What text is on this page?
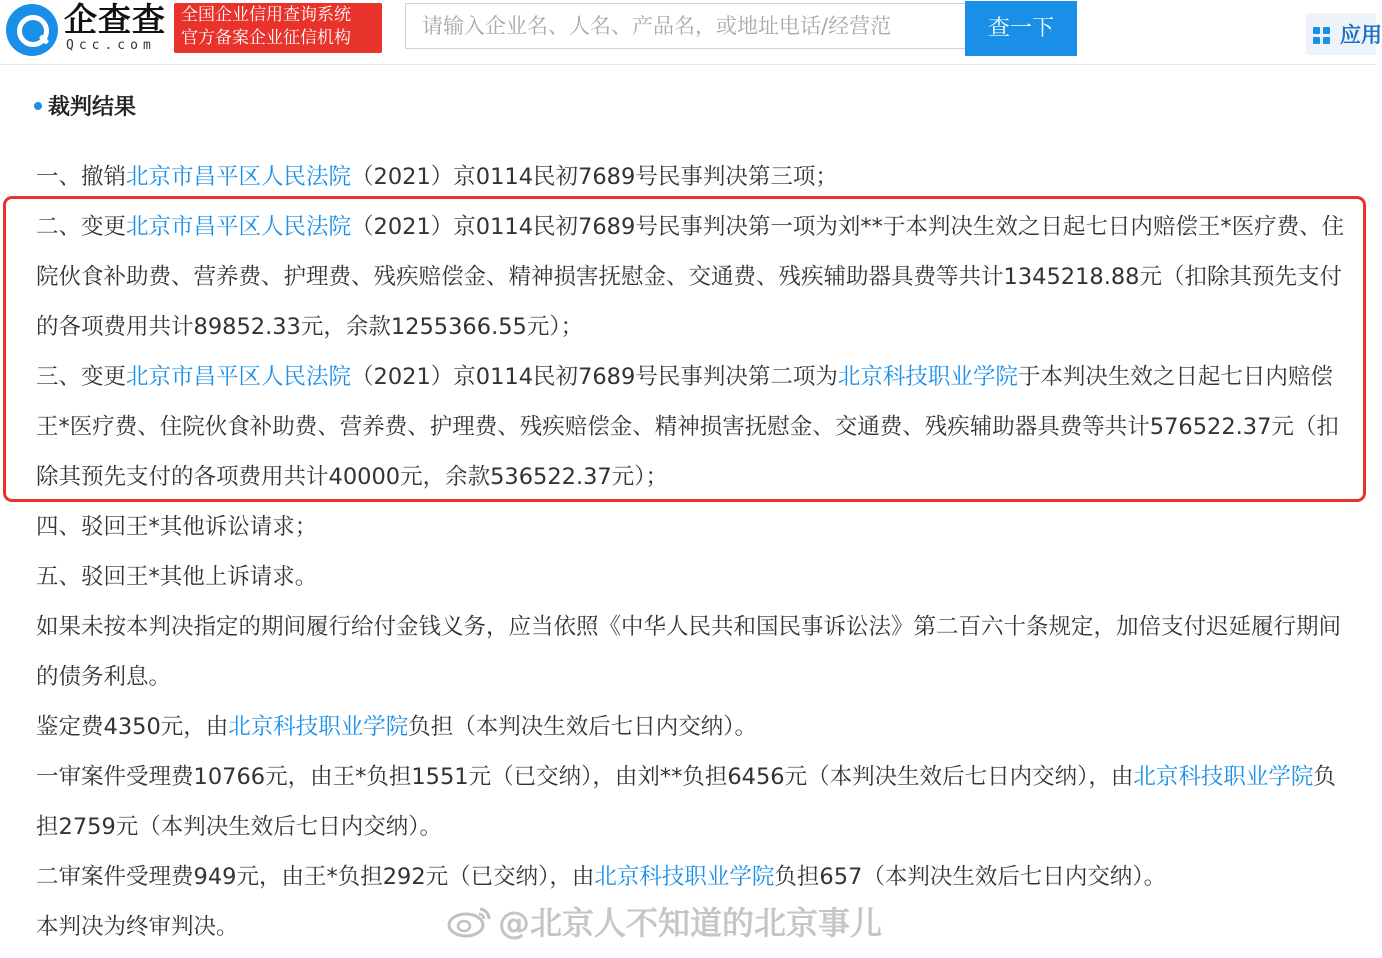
企查查
Qcc.com
全国企业信用查询系统
官方备案企业征信机构
请输入企业名、人名、产品名，或地址电话/经营范	查一下	应用
裁判结果

一、撤销北京市昌平区人民法院（2021）京0114民初7689号民事判决第三项；

二、变更北京市昌平区人民法院（2021）京0114民初7689号民事判决第一项为刘**于本判决生效之日起七日内赔偿王*医疗费、住院伙食补助费、营养费、护理费、残疾赔偿金、精神损害抚慰金、交通费、残疾辅助器具费等共计1345218.88元（扣除其预先支付的各项费用共计89852.33元，余款1255366.55元）；

三、变更北京市昌平区人民法院（2021）京0114民初7689号民事判决第二项为北京科技职业学院于本判决生效之日起七日内赔偿王*医疗费、住院伙食补助费、营养费、护理费、残疾赔偿金、精神损害抚慰金、交通费、残疾辅助器具费等共计576522.37元（扣除其预先支付的各项费用共计40000元，余款536522.37元）；

四、驳回王*其他诉讼请求；

五、驳回王*其他上诉请求。

如果未按本判决指定的期间履行给付金钱义务，应当依照《中华人民共和国民事诉讼法》第二百六十条规定，加倍支付迟延履行期间的债务利息。

鉴定费4350元，由北京科技职业学院负担（本判决生效后七日内交纳）。

一审案件受理费10766元，由王*负担1551元（已交纳），由刘**负担6456元（本判决生效后七日内交纳），由北京科技职业学院负担2759元（本判决生效后七日内交纳）。

二审案件受理费949元，由王*负担292元（已交纳），由北京科技职业学院负担657（本判决生效后七日内交纳）。

本判决为终审判决。	@北京人不知道的北京事儿
